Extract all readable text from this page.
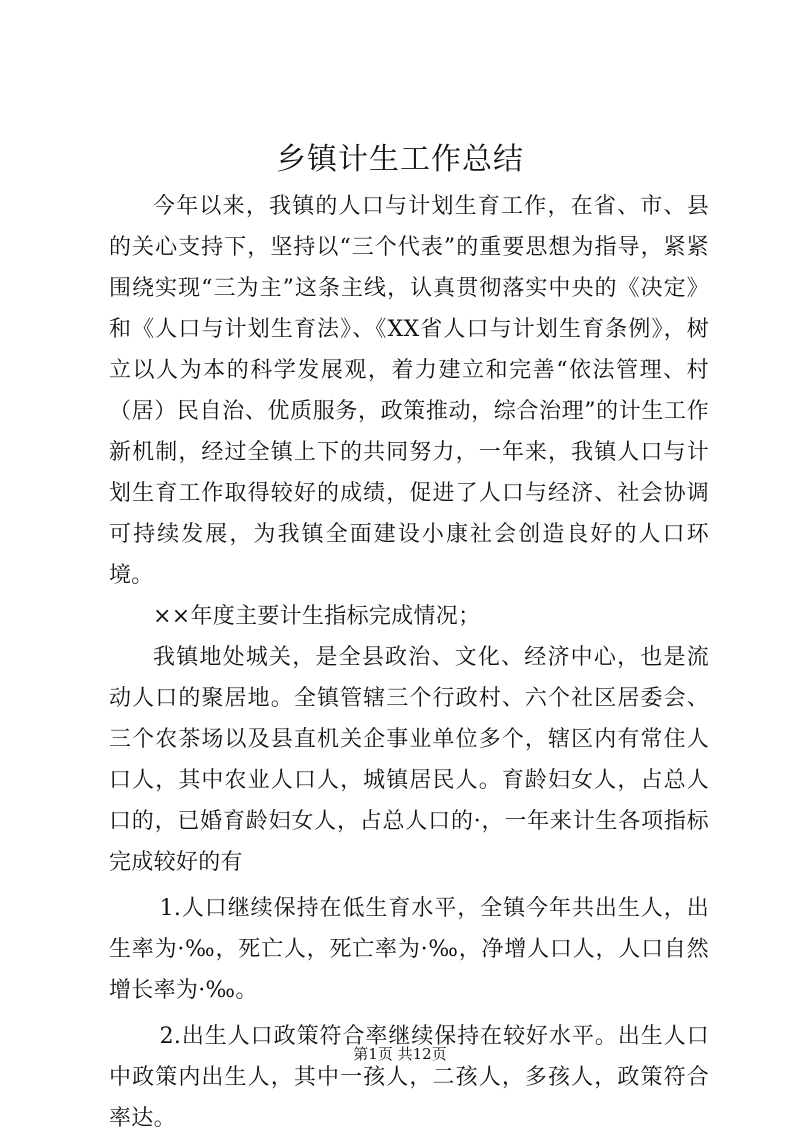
乡镇计生工作总结

今年以来，我镇的人口与计划生育工作，在省、市、县的关心支持下，坚持以“三个代表”的重要思想为指导，紧紧围绕实现“三为主”这条主线，认真贯彻落实中央的《决定》和《人口与计划生育法》、《XX省人口与计划生育条例》，树立以人为本的科学发展观，着力建立和完善“依法管理、村（居）民自治、优质服务，政策推动，综合治理”的计生工作新机制，经过全镇上下的共同努力，一年来，我镇人口与计划生育工作取得较好的成绩，促进了人口与经济、社会协调可持续发展，为我镇全面建设小康社会创造良好的人口环境。

××年度主要计生指标完成情况；

我镇地处城关，是全县政治、文化、经济中心，也是流动人口的聚居地。全镇管辖三个行政村、六个社区居委会、三个农茶场以及县直机关企事业单位多个，辖区内有常住人口人，其中农业人口人，城镇居民人。育龄妇女人，占总人口的，已婚育龄妇女人，占总人口的·，一年来计生各项指标完成较好的有

1.人口继续保持在低生育水平，全镇今年共出生人，出生率为·‰，死亡人，死亡率为·‰，净增人口人，人口自然增长率为·‰。

2.出生人口政策符合率继续保持在较好水平。出生人口中政策内出生人，其中一孩人，二孩人，多孩人，政策符合率达。

第1页 共12页
